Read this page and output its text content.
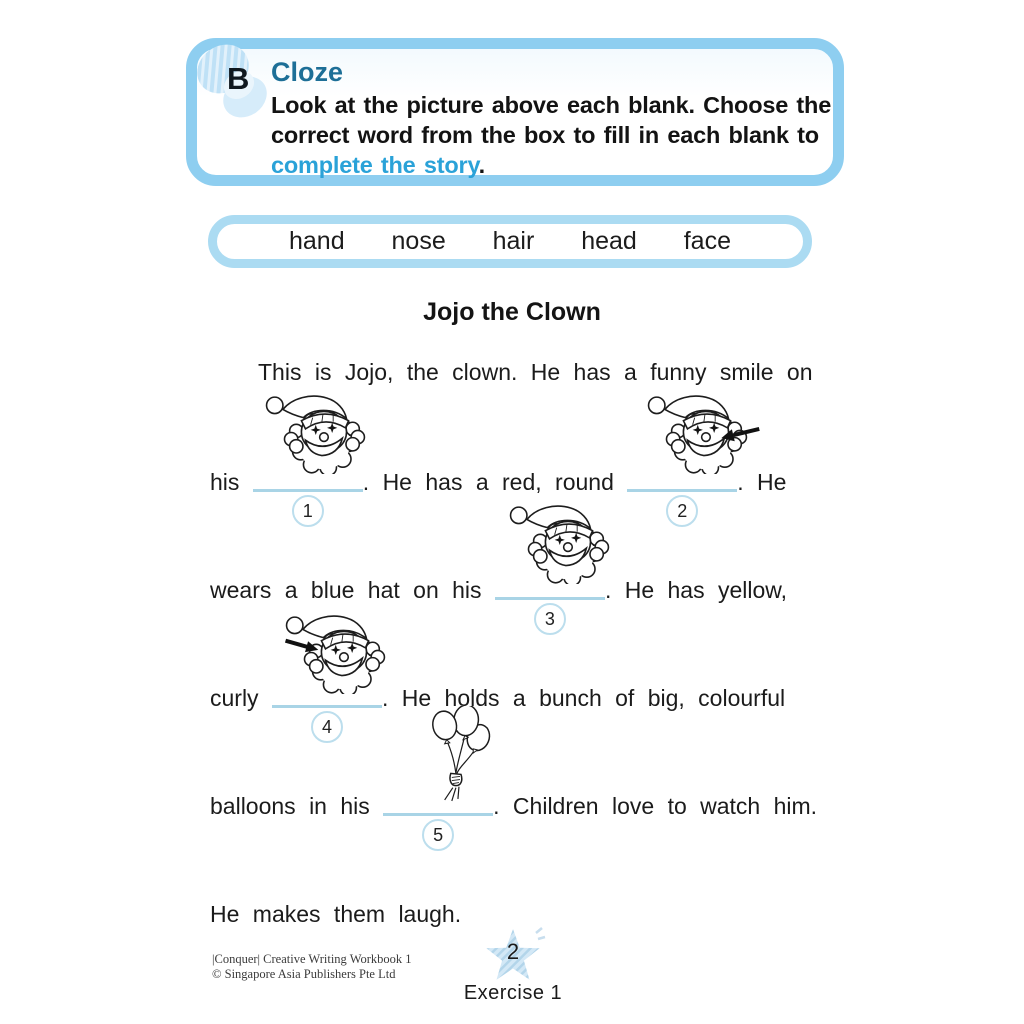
B Cloze
Look at the picture above each blank. Choose the
correct word from the box to fill in each blank to
complete the story.
hand nose hair head face
Jojo the Clown
This is Jojo, the clown. He has a funny smile on
his
1
. He has a red, round
2
. He
wears a blue hat on his
3
. He has yellow,
curly
4
. He holds a bunch of big, colourful
balloons in his
5
. Children love to watch him.
He makes them laugh.
|Conquer| Creative Writing Workbook 1
© Singapore Asia Publishers Pte Ltd
2
Exercise 1
